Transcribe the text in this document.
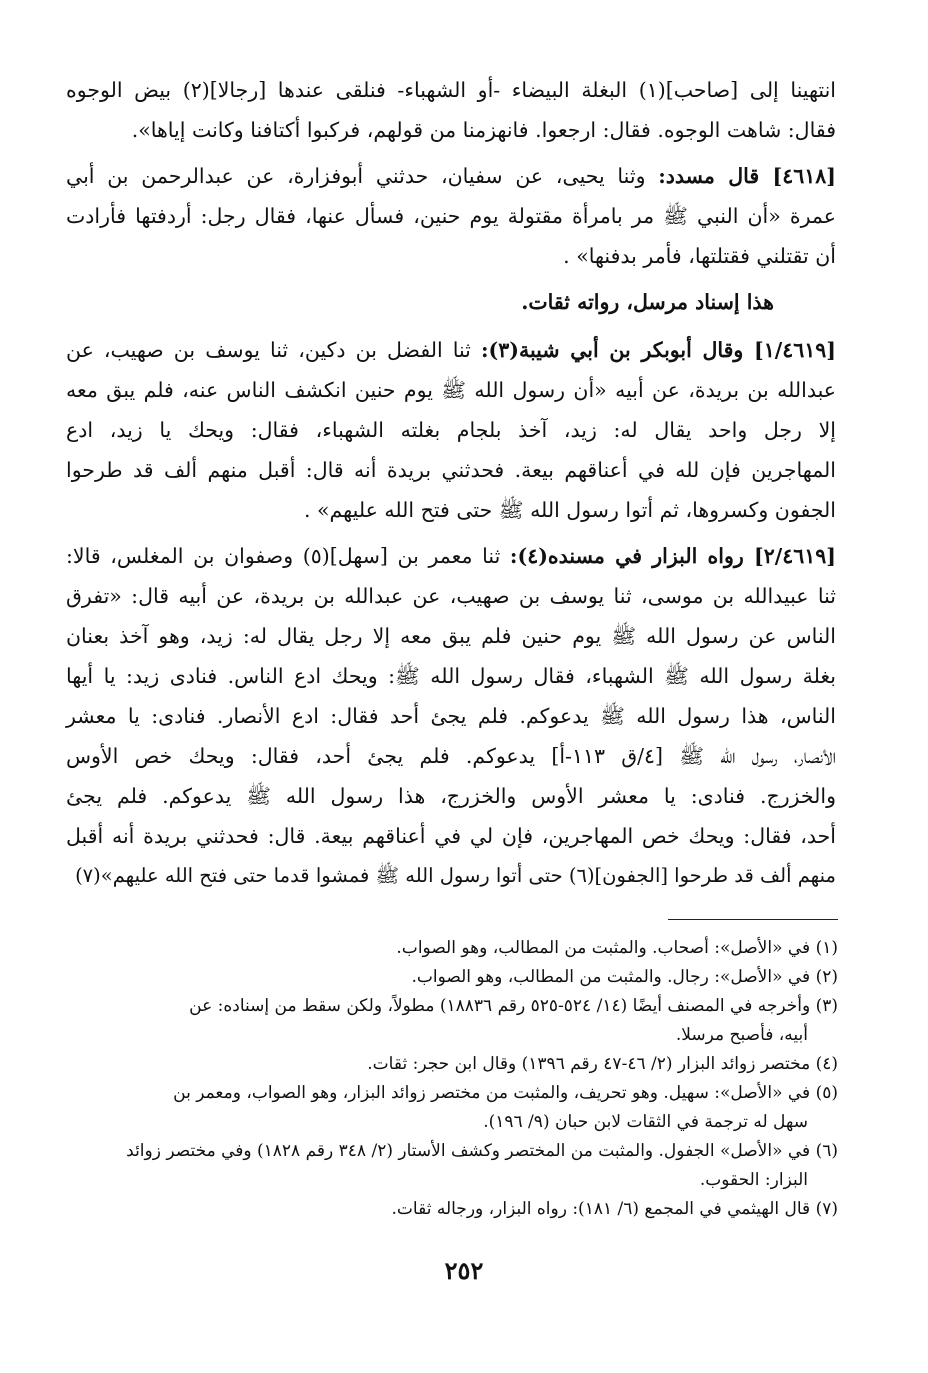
انتهينا إلى [صاحب](١) البغلة البيضاء -أو الشهباء- فنلقى عندها [رجالا](٢) بيض الوجوه
فقال: شاهت الوجوه. فقال: ارجعوا. فانهزمنا من قولهم، فركبوا أكتافنا وكانت إياها».
[٤٦١٨] قال مسدد: وثنا يحيى، عن سفيان، حدثني أبوفزارة، عن عبدالرحمن بن أبي
عمرة «أن النبي ﷺ مر بامرأة مقتولة يوم حنين، فسأل عنها، فقال رجل: أردفتها فأرادت
أن تقتلني فقتلتها، فأمر بدفنها» .
هذا إسناد مرسل، رواته ثقات.
[١/٤٦١٩] وقال أبوبكر بن أبي شيبة(٣): ثنا الفضل بن دكين، ثنا يوسف بن صهيب، عن
عبدالله بن بريدة، عن أبيه «أن رسول الله ﷺ يوم حنين انكشف الناس عنه، فلم يبق معه
إلا رجل واحد يقال له: زيد، آخذ بلجام بغلته الشهباء، فقال: ويحك يا زيد، ادع
المهاجرين فإن لله في أعناقهم بيعة. فحدثني بريدة أنه قال: أقبل منهم ألف قد طرحوا
الجفون وكسروها، ثم أتوا رسول الله ﷺ حتى فتح الله عليهم» .
[٢/٤٦١٩] رواه البزار في مسنده(٤): ثنا معمر بن [سهل](٥) وصفوان بن المغلس، قالا:
ثنا عبيدالله بن موسى، ثنا يوسف بن صهيب، عن عبدالله بن بريدة، عن أبيه قال: «تفرق
الناس عن رسول الله ﷺ يوم حنين فلم يبق معه إلا رجل يقال له: زيد، وهو آخذ بعنان
بغلة رسول الله ﷺ الشهباء، فقال رسول الله ﷺ: ويحك ادع الناس. فنادى زيد: يا أيها
الناس، هذا رسول الله ﷺ يدعوكم. فلم يجئ أحد فقال: ادع الأنصار. فنادى: يا معشر
الأنصار، رسول الله ﷺ [٤/ق ١١٣-أ] يدعوكم. فلم يجئ أحد، فقال: ويحك خص الأوس
والخزرج. فنادى: يا معشر الأوس والخزرج، هذا رسول الله ﷺ يدعوكم. فلم يجئ
أحد، فقال: ويحك خص المهاجرين، فإن لي في أعناقهم بيعة. قال: فحدثني بريدة أنه أقبل
منهم ألف قد طرحوا [الجفون](٦) حتى أتوا رسول الله ﷺ فمشوا قدما حتى فتح الله عليهم»(٧)
(١) في «الأصل»: أصحاب. والمثبت من المطالب، وهو الصواب.
(٢) في «الأصل»: رجال. والمثبت من المطالب، وهو الصواب.
(٣) وأخرجه في المصنف أيضًا (١٤/ ٥٢٤-٥٢٥ رقم ١٨٨٣٦) مطولاً، ولكن سقط من إسناده: عن
أبيه، فأصبح مرسلا.
(٤) مختصر زوائد البزار (٢/ ٤٦-٤٧ رقم ١٣٩٦) وقال ابن حجر: ثقات.
(٥) في «الأصل»: سهيل. وهو تحريف، والمثبت من مختصر زوائد البزار، وهو الصواب، ومعمر بن
سهل له ترجمة في الثقات لابن حبان (٩/ ١٩٦).
(٦) في «الأصل» الجفول. والمثبت من المختصر وكشف الأستار (٢/ ٣٤٨ رقم ١٨٢٨) وفي مختصر زوائد
البزار: الحقوب.
(٧) قال الهيثمي في المجمع (٦/ ١٨١): رواه البزار، ورجاله ثقات.
٢٥٢
